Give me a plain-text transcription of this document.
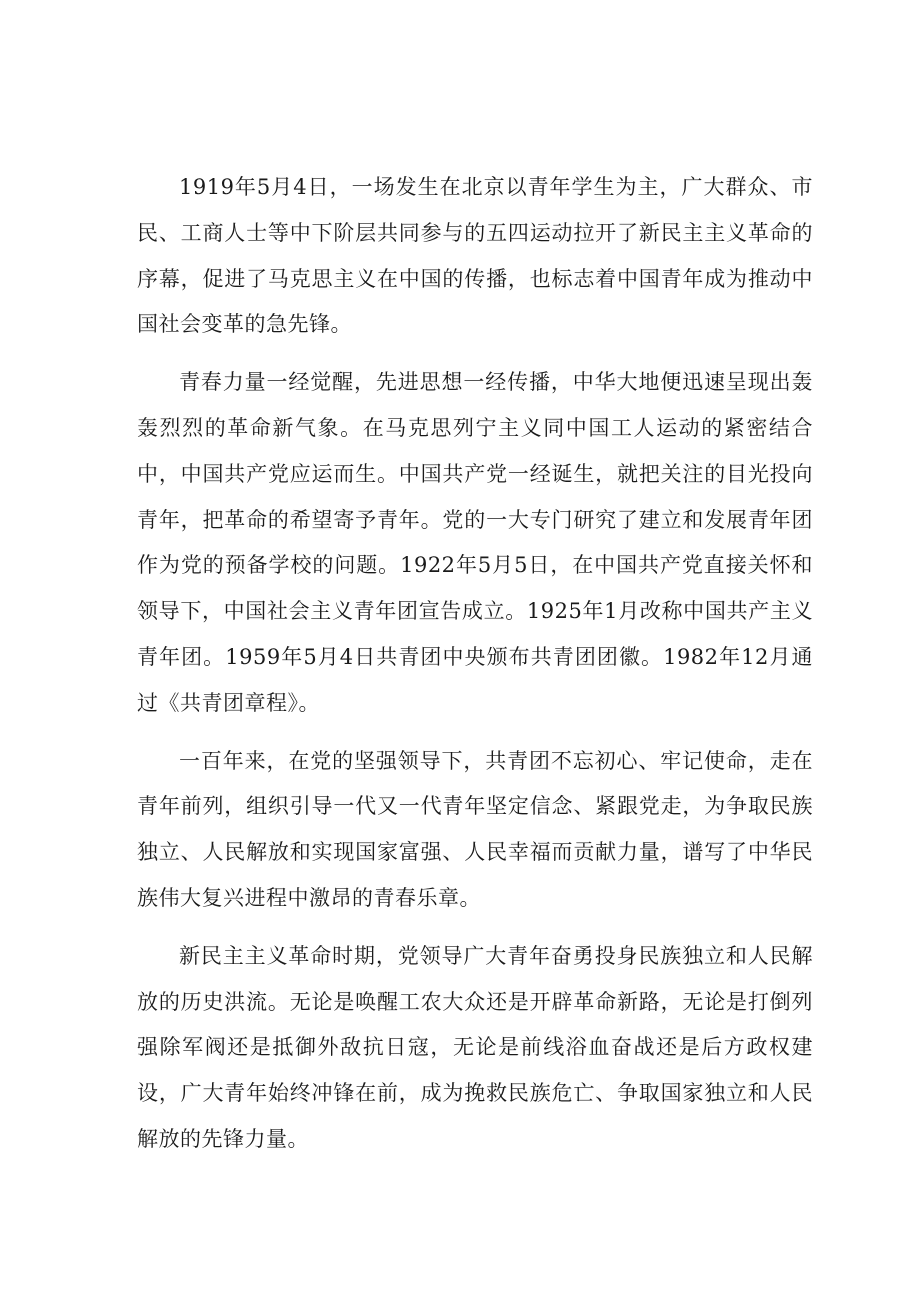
1919年5月4日，一场发生在北京以青年学生为主，广大群众、市民、工商人士等中下阶层共同参与的五四运动拉开了新民主主义革命的序幕，促进了马克思主义在中国的传播，也标志着中国青年成为推动中国社会变革的急先锋。

青春力量一经觉醒，先进思想一经传播，中华大地便迅速呈现出轰轰烈烈的革命新气象。在马克思列宁主义同中国工人运动的紧密结合中，中国共产党应运而生。中国共产党一经诞生，就把关注的目光投向青年，把革命的希望寄予青年。党的一大专门研究了建立和发展青年团作为党的预备学校的问题。1922年5月5日，在中国共产党直接关怀和领导下，中国社会主义青年团宣告成立。1925年1月改称中国共产主义青年团。1959年5月4日共青团中央颁布共青团团徽。1982年12月通过《共青团章程》。

一百年来，在党的坚强领导下，共青团不忘初心、牢记使命，走在青年前列，组织引导一代又一代青年坚定信念、紧跟党走，为争取民族独立、人民解放和实现国家富强、人民幸福而贡献力量，谱写了中华民族伟大复兴进程中激昂的青春乐章。

新民主主义革命时期，党领导广大青年奋勇投身民族独立和人民解放的历史洪流。无论是唤醒工农大众还是开辟革命新路，无论是打倒列强除军阀还是抵御外敌抗日寇，无论是前线浴血奋战还是后方政权建设，广大青年始终冲锋在前，成为挽救民族危亡、争取国家独立和人民解放的先锋力量。
